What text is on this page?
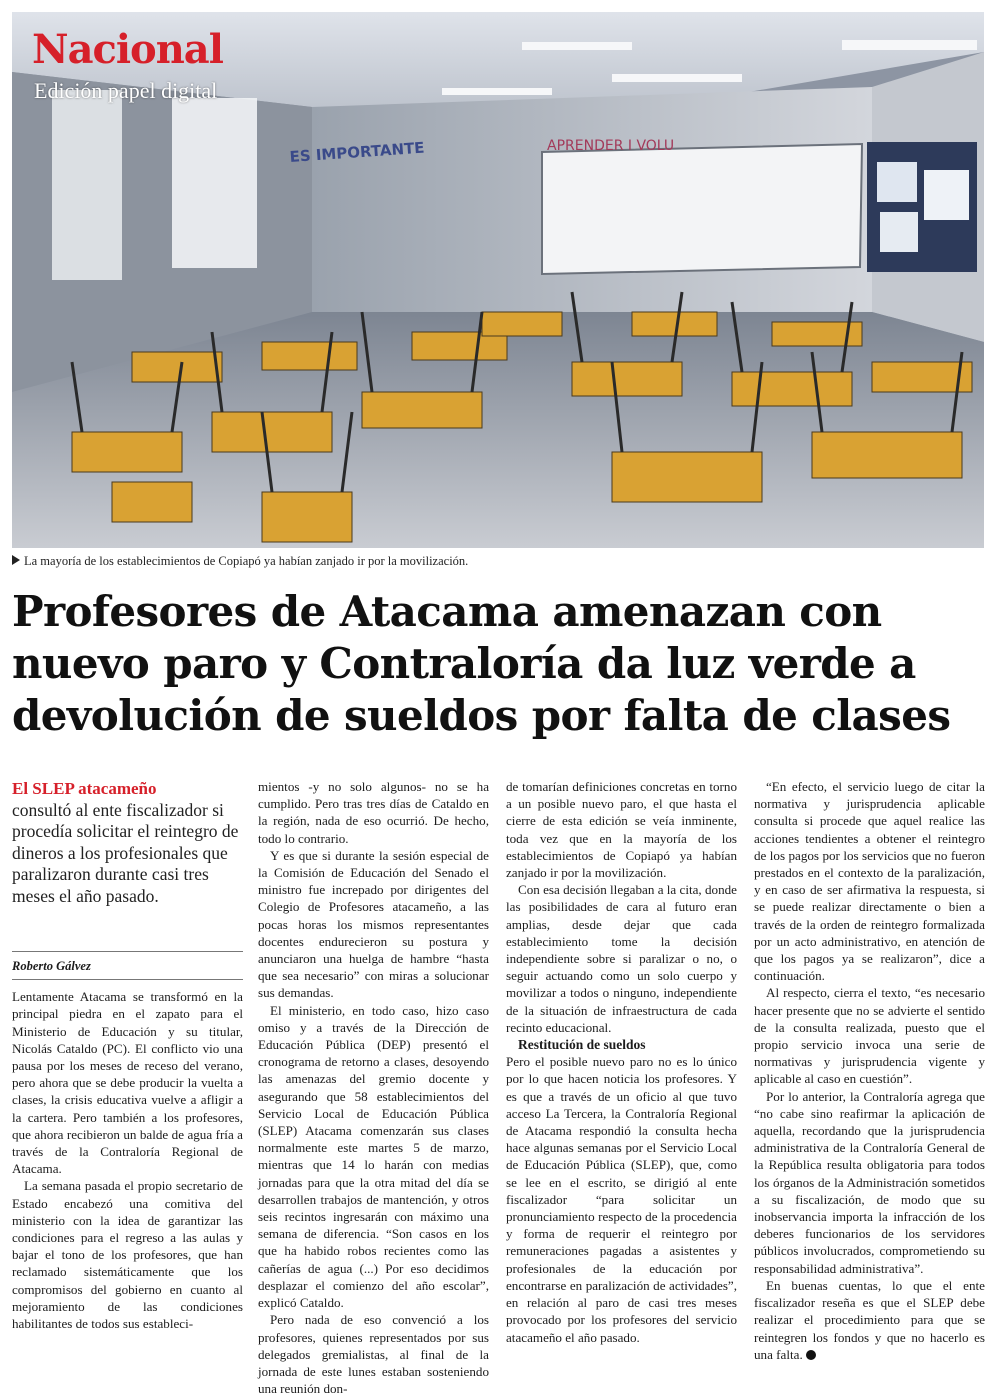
APRENDER I VOLU
ES IMPORTANTE
Nacional
Edición papel digital
La mayoría de los establecimientos de Copiapó ya habían zanjado ir por la movilización.
Profesores de Atacama amenazan con nuevo paro y Contraloría da luz verde a devolución de sueldos por falta de clases
El SLEP atacameño
consultó al ente fiscalizador si procedía solicitar el reintegro de dineros a los profesionales que paralizaron durante casi tres meses el año pasado.
Roberto Gálvez

Lentamente Atacama se transformó en la principal piedra en el zapato para el Ministerio de Educación y su titular, Nicolás Cataldo (PC). El conflicto vio una pausa por los meses de receso del verano, pero ahora que se debe producir la vuelta a clases, la crisis educativa vuelve a afligir a la cartera. Pero también a los profesores, que ahora recibieron un balde de agua fría a través de la Contraloría Regional de Atacama.

La semana pasada el propio secretario de Estado encabezó una comitiva del ministerio con la idea de garantizar las condiciones para el regreso a las aulas y bajar el tono de los profesores, que han reclamado sistemáticamente que los compromisos del gobierno en cuanto al mejoramiento de las condiciones habilitantes de todos sus estableci-

mientos -y no solo algunos- no se ha cumplido. Pero tras tres días de Cataldo en la región, nada de eso ocurrió. De hecho, todo lo contrario.

Y es que si durante la sesión especial de la Comisión de Educación del Senado el ministro fue increpado por dirigentes del Colegio de Profesores atacameño, a las pocas horas los mismos representantes docentes endurecieron su postura y anunciaron una huelga de hambre “hasta que sea necesario” con miras a solucionar sus demandas.

El ministerio, en todo caso, hizo caso omiso y a través de la Dirección de Educación Pública (DEP) presentó el cronograma de retorno a clases, desoyendo las amenazas del gremio docente y asegurando que 58 establecimientos del Servicio Local de Educación Pública (SLEP) Atacama comenzarán sus clases normalmente este martes 5 de marzo, mientras que 14 lo harán con medias jornadas para que la otra mitad del día se desarrollen trabajos de mantención, y otros seis recintos ingresarán con máximo una semana de diferencia. “Son casos en los que ha habido robos recientes como las cañerías de agua (...) Por eso decidimos desplazar el comienzo del año escolar”, explicó Cataldo.

Pero nada de eso convenció a los profesores, quienes representados por sus delegados gremialistas, al final de la jornada de este lunes estaban sosteniendo una reunión don-

de tomarían definiciones concretas en torno a un posible nuevo paro, el que hasta el cierre de esta edición se veía inminente, toda vez que en la mayoría de los establecimientos de Copiapó ya habían zanjado ir por la movilización.

Con esa decisión llegaban a la cita, donde las posibilidades de cara al futuro eran amplias, desde dejar que cada establecimiento tome la decisión independiente sobre si paralizar o no, o seguir actuando como un solo cuerpo y movilizar a todos o ninguno, independiente de la situación de infraestructura de cada recinto educacional.

Restitución de sueldos

Pero el posible nuevo paro no es lo único por lo que hacen noticia los profesores. Y es que a través de un oficio al que tuvo acceso La Tercera, la Contraloría Regional de Atacama respondió la consulta hecha hace algunas semanas por el Servicio Local de Educación Pública (SLEP), que, como se lee en el escrito, se dirigió al ente fiscalizador “para solicitar un pronunciamiento respecto de la procedencia y forma de requerir el reintegro por remuneraciones pagadas a asistentes y profesionales de la educación por encontrarse en paralización de actividades”, en relación al paro de casi tres meses provocado por los profesores del servicio atacameño el año pasado.

“En efecto, el servicio luego de citar la normativa y jurisprudencia aplicable consulta si procede que aquel realice las acciones tendientes a obtener el reintegro de los pagos por los servicios que no fueron prestados en el contexto de la paralización, y en caso de ser afirmativa la respuesta, si se puede realizar directamente o bien a través de la orden de reintegro formalizada por un acto administrativo, en atención de que los pagos ya se realizaron”, dice a continuación.

Al respecto, cierra el texto, “es necesario hacer presente que no se advierte el sentido de la consulta realizada, puesto que el propio servicio invoca una serie de normativas y jurisprudencia vigente y aplicable al caso en cuestión”.

Por lo anterior, la Contraloría agrega que “no cabe sino reafirmar la aplicación de aquella, recordando que la jurisprudencia administrativa de la Contraloría General de la República resulta obligatoria para todos los órganos de la Administración sometidos a su fiscalización, de modo que su inobservancia importa la infracción de los deberes funcionarios de los servidores públicos involucrados, comprometiendo su responsabilidad administrativa”.

En buenas cuentas, lo que el ente fiscalizador reseña es que el SLEP debe realizar el procedimiento para que se reintegren los fondos y que no hacerlo es una falta.
